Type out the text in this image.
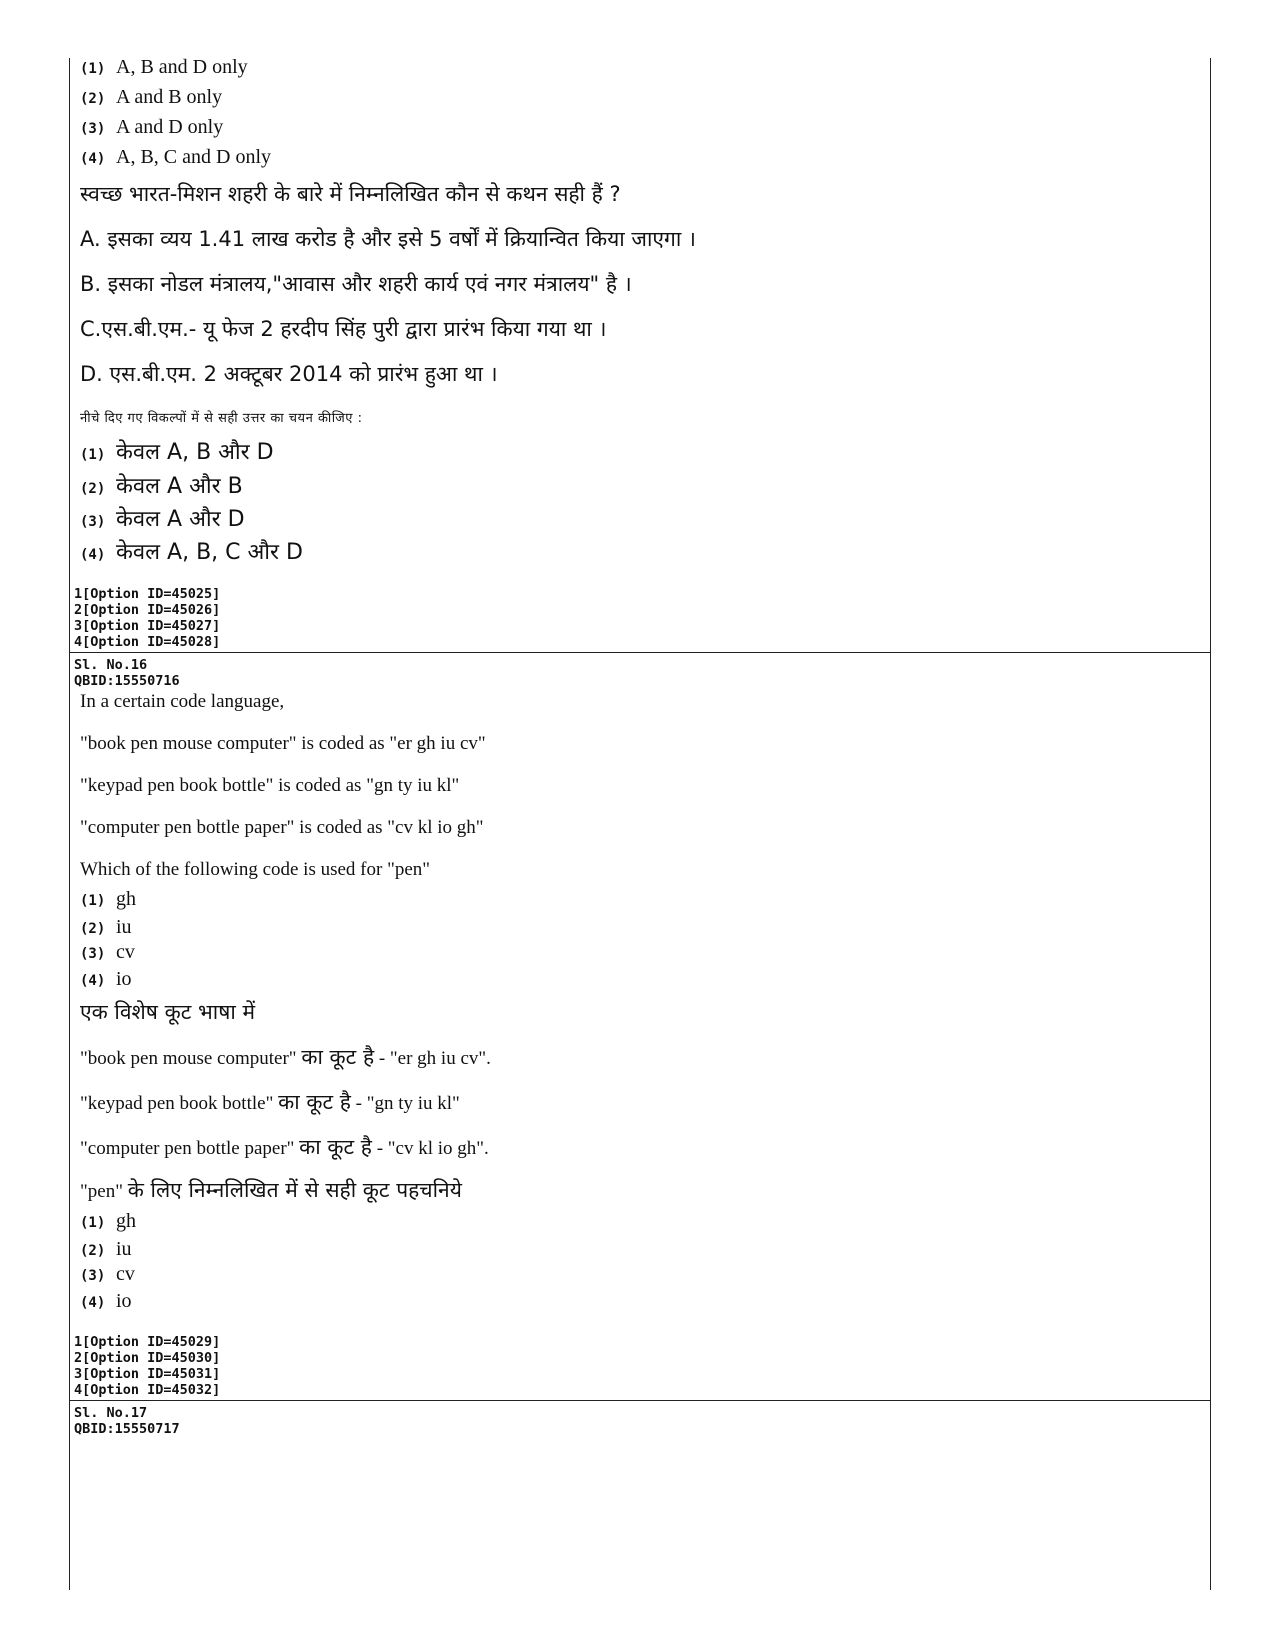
(1) A, B and D only
(2) A and B only
(3) A and D only
(4) A, B, C and D only
स्वच्छ भारत-मिशन शहरी के बारे में निम्नलिखित कौन से कथन सही हैं ?
A. इसका व्यय 1.41 लाख करोड है और इसे 5 वर्षों में क्रियान्वित किया जाएगा ।
B. इसका नोडल मंत्रालय,"आवास और शहरी कार्य एवं नगर मंत्रालय" है ।
C.एस.बी.एम.- यू फेज 2 हरदीप सिंह पुरी द्वारा प्रारंभ किया गया था ।
D. एस.बी.एम. 2 अक्टूबर 2014 को प्रारंभ हुआ था ।
नीचे दिए गए विकल्पों में से सही उत्तर का चयन कीजिए :
(1) केवल A, B और D
(2) केवल A और B
(3) केवल A और D
(4) केवल A, B, C और D
1[Option ID=45025]
2[Option ID=45026]
3[Option ID=45027]
4[Option ID=45028]
Sl. No.16
QBID:15550716
In a certain code language,
"book pen mouse computer" is coded as "er gh iu cv"
"keypad pen book bottle" is coded as "gn ty iu kl"
"computer pen bottle paper" is coded as "cv kl io gh"
Which of the following code is used for "pen"
(1) gh
(2) iu
(3) cv
(4) io
एक विशेष कूट भाषा में
"book pen mouse computer" का कूट है - "er gh iu cv".
"keypad pen book bottle" का कूट है - "gn ty iu kl"
"computer pen bottle paper" का कूट है - "cv kl io gh".
"pen" के लिए निम्नलिखित में से सही कूट पहचनिये
(1) gh
(2) iu
(3) cv
(4) io
1[Option ID=45029]
2[Option ID=45030]
3[Option ID=45031]
4[Option ID=45032]
Sl. No.17
QBID:15550717
